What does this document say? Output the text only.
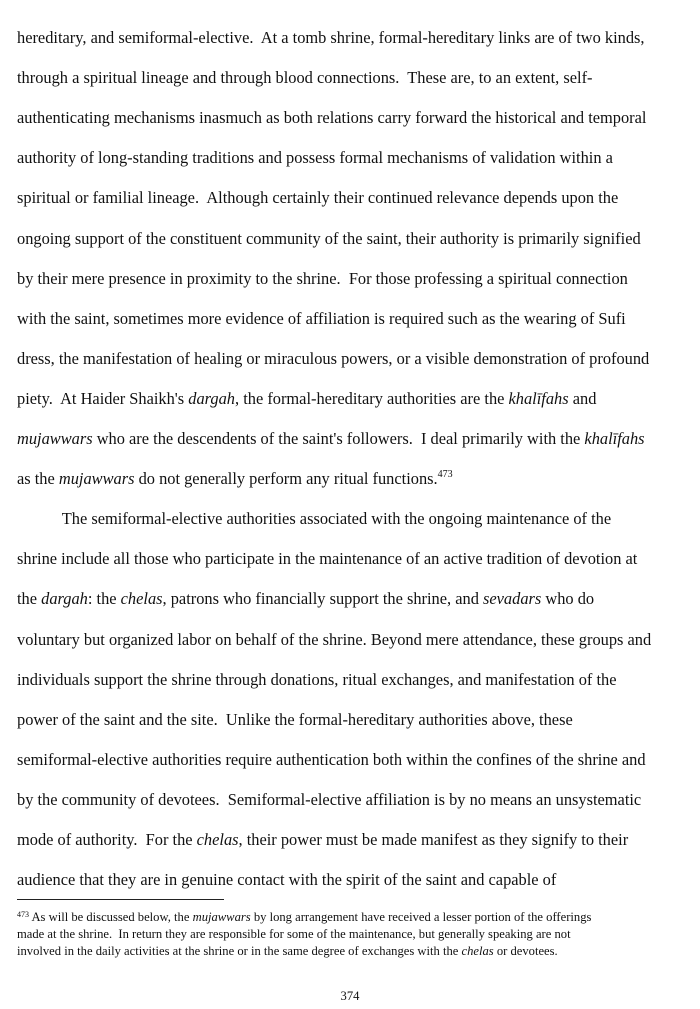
hereditary, and semiformal-elective.  At a tomb shrine, formal-hereditary links are of two kinds,
through a spiritual lineage and through blood connections.  These are, to an extent, self-
authenticating mechanisms inasmuch as both relations carry forward the historical and temporal
authority of long-standing traditions and possess formal mechanisms of validation within a
spiritual or familial lineage.  Although certainly their continued relevance depends upon the
ongoing support of the constituent community of the saint, their authority is primarily signified
by their mere presence in proximity to the shrine.  For those professing a spiritual connection
with the saint, sometimes more evidence of affiliation is required such as the wearing of Sufi
dress, the manifestation of healing or miraculous powers, or a visible demonstration of profound
piety.  At Haider Shaikh's dargah, the formal-hereditary authorities are the khalīfahs and
mujawwars who are the descendents of the saint's followers.  I deal primarily with the khalīfahs
as the mujawwars do not generally perform any ritual functions.$^{473}$
The semiformal-elective authorities associated with the ongoing maintenance of the
shrine include all those who participate in the maintenance of an active tradition of devotion at
the dargah: the chelas, patrons who financially support the shrine, and sevadars who do
voluntary but organized labor on behalf of the shrine. Beyond mere attendance, these groups and
individuals support the shrine through donations, ritual exchanges, and manifestation of the
power of the saint and the site.  Unlike the formal-hereditary authorities above, these
semiformal-elective authorities require authentication both within the confines of the shrine and
by the community of devotees.  Semiformal-elective affiliation is by no means an unsystematic
mode of authority.  For the chelas, their power must be made manifest as they signify to their
audience that they are in genuine contact with the spirit of the saint and capable of
$^{473}$ As will be discussed below, the mujawwars by long arrangement have received a lesser portion of the offerings
made at the shrine.  In return they are responsible for some of the maintenance, but generally speaking are not
involved in the daily activities at the shrine or in the same degree of exchanges with the chelas or devotees.
374
